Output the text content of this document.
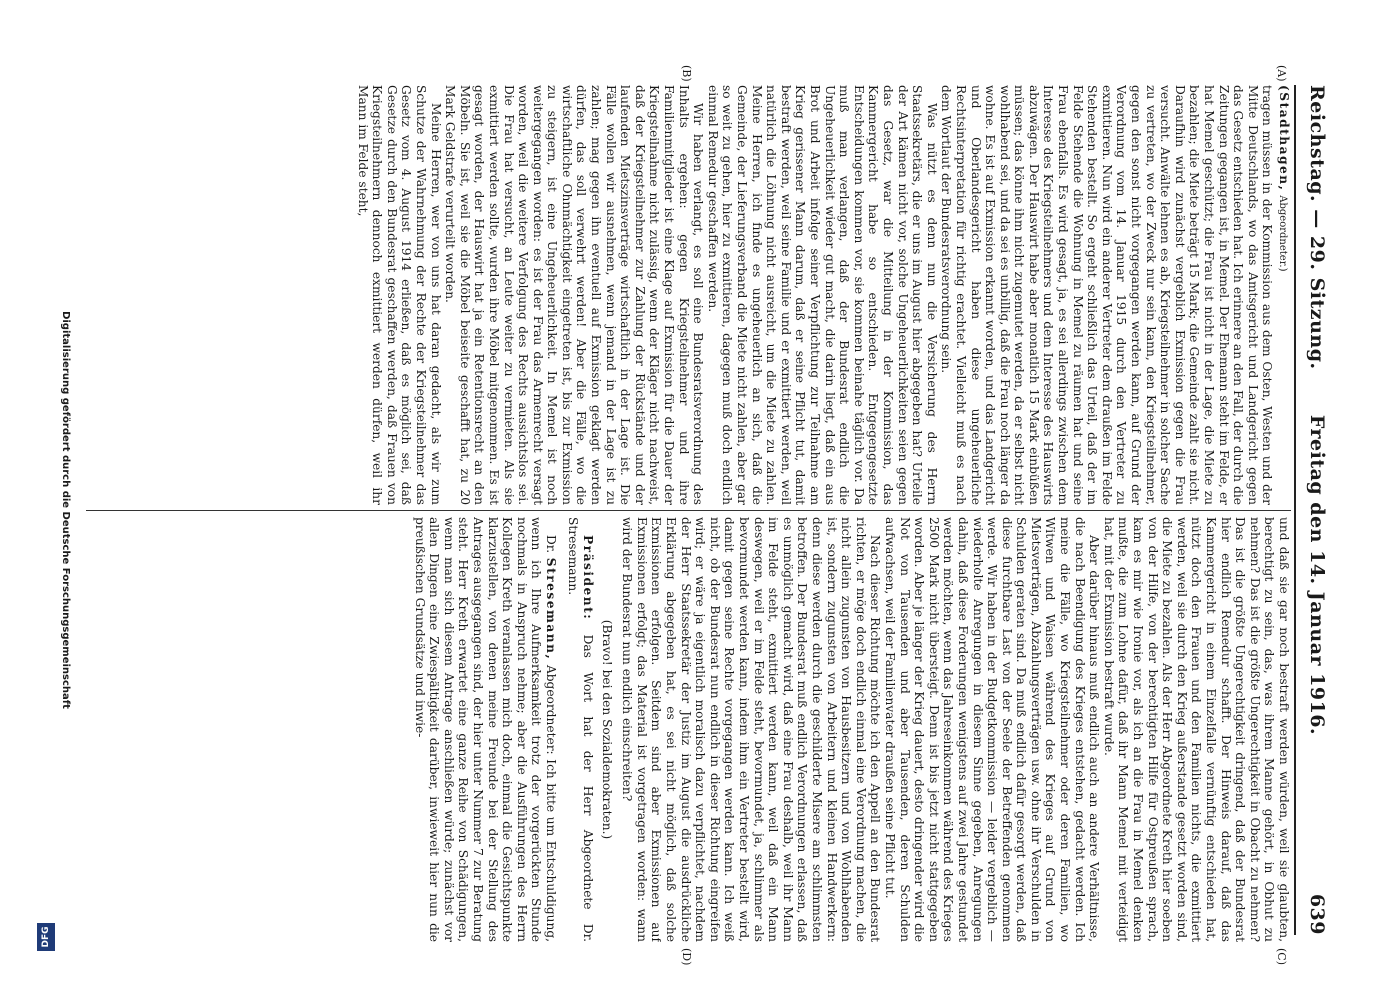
Reichstag. — 29. Sitzung.
Freitag den 14. Januar 1916.
639
(A)
(B)
(C)
(D)

(Stadthagen, Abgeordneter.)

tragen müssen in der Kommission aus dem Osten, Westen und der Mitte Deutschlands, wo das Amtsgericht und Landgericht gegen das Gesetz entschieden hat. Ich erinnere an den Fall, der durch die Zeitungen gegangen ist, in Memel. Der Ehemann steht im Felde, er hat Memel geschützt; die Frau ist nicht in der Lage, die Miete zu bezahlen; die Miete beträgt 15 Mark; die Gemeinde zahlt sie nicht. Daraufhin wird zunächst vergeblich Exmission gegen die Frau versucht. Anwälte lehnen es ab, Kriegsteilnehmer in solcher Sache zu vertreten, wo der Zweck nur sein kann, den Kriegsteilnehmer, gegen den sonst nicht vorgegangen werden kann, auf Grund der Verordnung vom 14. Januar 1915 durch den Vertreter zu exmittieren. Nun wird ein anderer Vertreter dem draußen im Felde Stehenden bestellt. So ergeht schließlich das Urteil, daß der im Felde Stehende die Wohnung in Memel zu räumen hat und seine Frau ebenfalls. Es wird gesagt, ja, es sei allerdings zwischen dem Interesse des Kriegsteilnehmers und dem Interesse des Hauswirts abzuwägen. Der Hauswirt habe aber monatlich 15 Mark einbüßen müssen; das könne ihm nicht zugemutet werden, da er selbst nicht wohlhabend sei, und da sei es unbillig, daß die Frau noch länger da wohne. Es ist auf Exmission erkannt worden, und das Landgericht und Oberlandesgericht haben diese ungeheuerliche Rechtsinterpretation für richtig erachtet. Vielleicht muß es nach dem Wortlaut der Bundesratsverordnung sein.

Was nützt es denn nun die Versicherung des Herrn Staatssekretärs, die er uns im August hier abgegeben hat? Urteile der Art kämen nicht vor, solche Ungeheuerlichkeiten seien gegen das Gesetz, war die Mitteilung in der Kommission, das Kammergericht habe so entschieden. Entgegengesetzte Entscheidungen kommen vor, sie kommen beinahe täglich vor. Da muß man verlangen, daß der Bundesrat endlich die Ungeheuerlichkeit wieder gut macht, die darin liegt, daß ein aus Brot und Arbeit infolge seiner Verpflichtung zur Teilnahme am Krieg gerissener Mann darum, daß er seine Pflicht tut, damit bestraft werden, weil seine Familie und er exmittiert werden, weil natürlich die Löhnung nicht ausreicht, um die Miete zu zahlen. Meine Herren, ich finde es ungeheuerlich an sich, daß die Gemeinde, der Lieferungsverband die Miete nicht zahlen, aber gar so weit zu gehen, hier zu exmittieren, dagegen muß doch endlich einmal Remedur geschaffen werden.

Wir haben verlangt, es soll eine Bundesratsverordnung des Inhalts ergehen: gegen Kriegsteilnehmer und ihre Familienmitglieder ist eine Klage auf Exmission für die Dauer der Kriegsteilnahme nicht zulässig, wenn der Kläger nicht nachweist, daß der Kriegsteilnehmer zur Zahlung der Rückstände und der laufenden Mietszinsverträge wirtschaftlich in der Lage ist. Die Fälle wollen wir ausnehmen, wenn jemand in der Lage ist zu zahlen; mag gegen ihn eventuell auf Exmission geklagt werden dürfen, das soll verwehrt werden! Aber die Fälle, wo die wirtschaftliche Ohnmächtigkeit eingetreten ist, bis zur Exmission zu steigern, ist eine Ungeheuerlichkeit. In Memel ist noch weitergegangen worden: es ist der Frau das Armenrecht versagt worden, weil die weitere Verfolgung des Rechts aussichtslos sei. Die Frau hat versucht, an Leute weiter zu vermieten. Als sie exmittiert werden sollte, wurden ihre Möbel mitgenommen. Es ist gesagt worden, der Hauswirt hat ja ein Retentionsrecht an den Möbeln. Sie ist, weil sie die Möbel beiseite geschafft hat, zu 20 Mark Geldstrafe verurteilt worden.

Meine Herren, wer von uns hat daran gedacht, als wir zum Schutze der Wahrnehmung der Rechte der Kriegsteilnehmer das Gesetz vom 4. August 1914 erließen, daß es möglich sei, daß Gesetze durch den Bundesrat geschaffen werden, daß Frauen von Kriegsteilnehmern dennoch exmittiert werden dürfen, weil ihr Mann im Felde steht,

und daß sie gar noch bestraft werden würden, weil sie glaubten, berechtigt zu sein, das, was ihrem Manne gehört, in Obhut zu nehmen? Das ist die größte Ungerechtigkeit in Obacht zu nehmen? Das ist die größte Ungerechtigkeit dringend, daß der Bundesrat hier endlich Remedur schafft. Der Hinweis darauf, daß das Kammergericht in einem Einzelfalle vernünftig entschieden hat, nützt doch den Frauen und den Familien nichts, die exmittiert werden, weil sie durch den Krieg außerstande gesetzt worden sind, die Miete zu bezahlen. Als der Herr Abgeordnete Kreth hier soeben von der Hilfe, von der berechtigten Hilfe für Ostpreußen sprach, kam es mir wie Ironie vor, als ich an die Frau in Memel denken mußte, die zum Lohne dafür, daß ihr Mann Memel mit verteidigt hat, mit der Exmission bestraft wurde.

Aber darüber hinaus muß endlich auch an andere Verhältnisse, die nach Beendigung des Krieges entstehen, gedacht werden. Ich meine die Fälle, wo Kriegsteilnehmer oder deren Familien, wo Witwen und Waisen während des Krieges auf Grund von Mietsverträgen, Abzahlungsverträgen usw. ohne ihr Verschulden in Schulden geraten sind. Da muß endlich dafür gesorgt werden, daß diese furchtbare Last von der Seele der Betreffenden genommen werde. Wir haben in der Budgetkommission — leider vergeblich — wiederholte Anregungen in diesem Sinne gegeben, Anregungen dahin, daß diese Forderungen wenigstens auf zwei Jahre gestundet werden möchten, wenn das Jahreseinkommen während des Krieges 2500 Mark nicht übersteigt. Denn ist bis jetzt nicht stattgegeben worden. Aber je länger der Krieg dauert, desto dringender wird die Not von Tausenden und aber Tausenden, deren Schulden aufwachsen, weil der Familienvater draußen seine Pflicht tut.

Nach dieser Richtung möchte ich den Appell an den Bundesrat richten, er möge doch endlich einmal eine Verordnung machen, die nicht allein zugunsten von Hausbesitzern und von Wohlhabenden ist, sondern zugunsten von Arbeitern und kleinen Handwerkern: denn diese werden durch die geschilderte Misere am schlimmsten betroffen. Der Bundesrat muß endlich Verordnungen erlassen, daß es unmöglich gemacht wird, daß eine Frau deshalb, weil ihr Mann im Felde steht, exmittiert werden kann, weil daß ein Mann deswegen, weil er im Felde steht, bevormundet, ja, schlimmer als bevormundet werden kann, indem ihm ein Vertreter bestellt wird, damit gegen seine Rechte vorgegangen werden kann. Ich weiß nicht, ob der Bundesrat nun endlich in dieser Richtung eingreifen wird; er wäre ja eigentlich moralisch dazu verpflichtet, nachdem der Herr Staatssekretär der Justiz im August die ausdrückliche Erklärung abgegeben hat, es sei nicht möglich, daß solche Exmissionen erfolgen. Seitdem sind aber Exmissionen auf Exmissionen erfolgt; das Material ist vorgetragen worden: wann wird der Bundesrat nun endlich einschreiten?

(Bravo! bei den Sozialdemokraten.)

Präsident: Das Wort hat der Herr Abgeordnete Dr. Stresemann.

Dr. Stresemann, Abgeordneter: Ich bitte um Entschuldigung, wenn ich Ihre Aufmerksamkeit trotz der vorgerückten Stunde nochmals in Anspruch nehme; aber die Ausführungen des Herrn Kollegen Kreth veranlassen mich doch, einmal die Gesichtspunkte klarzustellen, von denen meine Freunde bei der Stellung des Antrages ausgegangen sind, der hier unter Nummer 7 zur Beratung steht. Herr Kreth erwartet eine ganze Reihe von Schädigungen, wenn man sich diesem Antrage anschließen würde; zunächst vor allen Dingen eine Zwiespältigkeit darüber, inwieweit hier nun die preußischen Grundsätze und inwie-

Digitalisierung gefördert durch die Deutsche Forschungsgemeinschaft
DFG
